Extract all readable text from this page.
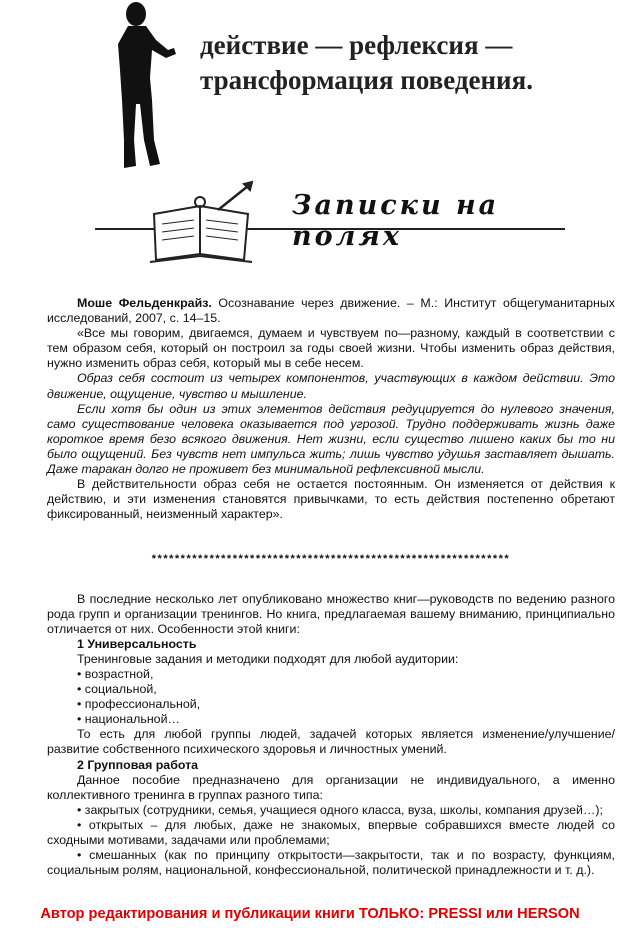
действие — рефлексия —
трансформация поведения.
Записки на полях

Моше Фельденкрайз. Осознавание через движение. – М.: Институт общегуманитарных исследований, 2007, с. 14–15.

«Все мы говорим, двигаемся, думаем и чувствуем по—разному, каждый в соответствии с тем образом себя, который он построил за годы своей жизни. Чтобы изменить образ действия, нужно изменить образ себя, который мы в себе несем.

Образ себя состоит из четырех компонентов, участвующих в каждом действии. Это движение, ощущение, чувство и мышление.

Если хотя бы один из этих элементов действия редуцируется до нулевого значения, само существование человека оказывается под угрозой. Трудно поддерживать жизнь даже короткое время безо всякого движения. Нет жизни, если существо лишено каких бы то ни было ощущений. Без чувств нет импульса жить; лишь чувство удушья заставляет дышать. Даже таракан долго не проживет без минимальной рефлексивной мысли.

В действительности образ себя не остается постоянным. Он изменяется от действия к действию, и эти изменения становятся привычками, то есть действия постепенно обретают фиксированный, неизменный характер».

**************************************************************

В последние несколько лет опубликовано множество книг—руководств по ведению разного рода групп и организации тренингов. Но книга, предлагаемая вашему вниманию, принципиально отличается от них. Особенности этой книги:

1 Универсальность

Тренинговые задания и методики подходят для любой аудитории:

• возрастной,

• социальной,

• профессиональной,

• национальной…

То есть для любой группы людей, задачей которых является изменение/улучшение/развитие собственного психического здоровья и личностных умений.

2 Групповая работа

Данное пособие предназначено для организации не индивидуального, а именно коллективного тренинга в группах разного типа:

• закрытых (сотрудники, семья, учащиеся одного класса, вуза, школы, компания друзей…);

• открытых – для любых, даже не знакомых, впервые собравшихся вместе людей со сходными мотивами, задачами или проблемами;

• смешанных (как по принципу открытости—закрытости, так и по возрасту, функциям, социальным ролям, национальной, конфессиональной, политической принадлежности и т. д.).

Автор редактирования и публикации книги ТОЛЬКО: PRESSI или HERSON
